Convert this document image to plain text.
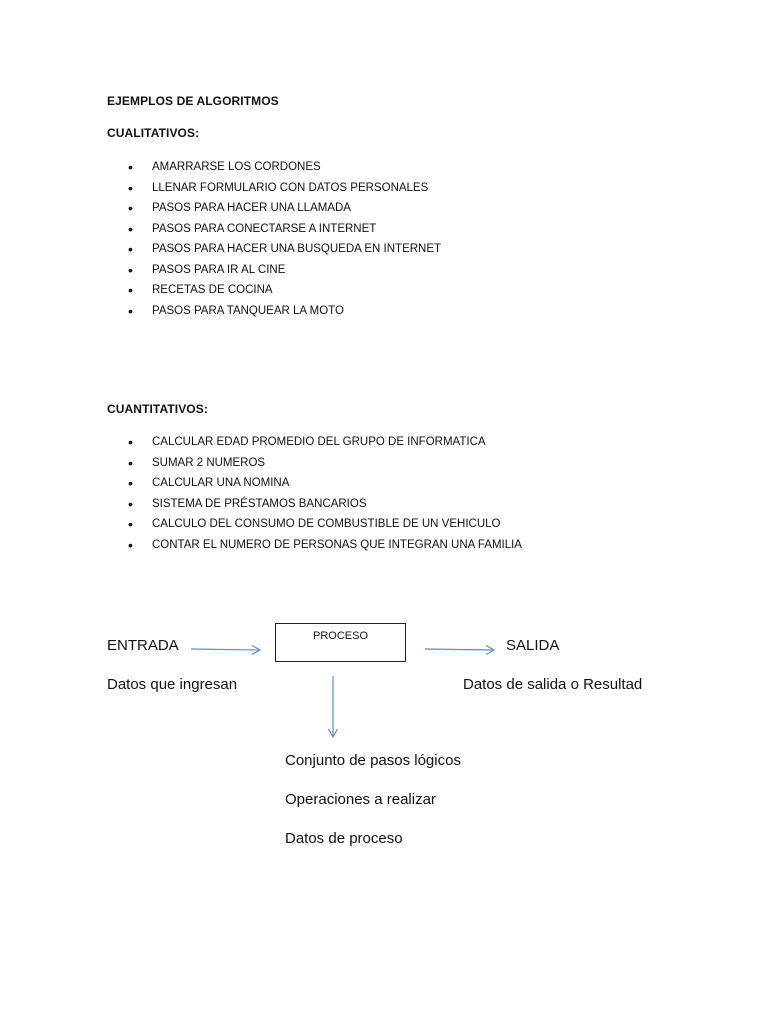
EJEMPLOS DE ALGORITMOS

CUALITATIVOS:

• AMARRARSE LOS CORDONES
• LLENAR FORMULARIO CON DATOS PERSONALES
• PASOS PARA HACER UNA LLAMADA
• PASOS PARA CONECTARSE A INTERNET
• PASOS PARA HACER UNA BUSQUEDA EN INTERNET
• PASOS PARA IR AL CINE
• RECETAS DE COCINA
• PASOS PARA TANQUEAR LA MOTO

CUANTITATIVOS:

• CALCULAR EDAD PROMEDIO DEL GRUPO DE INFORMATICA
• SUMAR 2 NUMEROS
• CALCULAR UNA NOMINA
• SISTEMA DE PRÉSTAMOS BANCARIOS
• CALCULO DEL CONSUMO DE COMBUSTIBLE DE UN VEHICULO
• CONTAR EL NUMERO DE PERSONAS QUE INTEGRAN UNA FAMILIA

ENTRADA

Datos que ingresan

PROCESO

SALIDA

Datos de salida o Resultad

Conjunto de pasos lógicos

Operaciones a realizar

Datos de proceso
